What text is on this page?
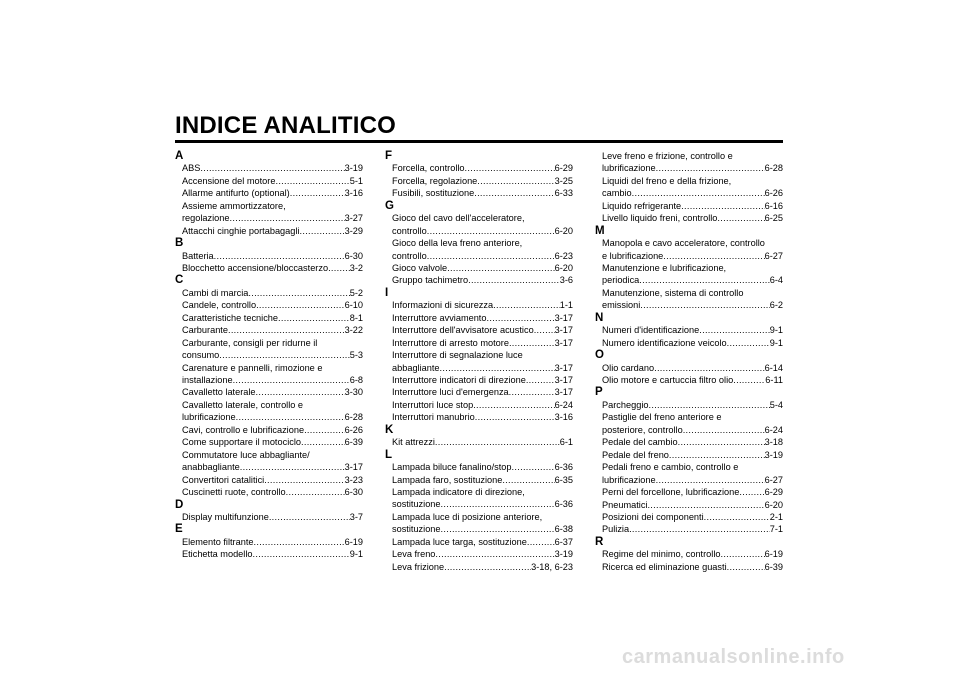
INDICE ANALITICO
A
ABS .....	3-19
Accensione del motore .....	5-1
Allarme antifurto (optional) .....	3-16
Assieme ammortizzatore,
regolazione .....	3-27
Attacchi cinghie portabagagli .....	3-29
B
Batteria .....	6-30
Blocchetto accensione/bloccasterzo ..... 3-2
C
Cambi di marcia .....	5-2
Candele, controllo .....	6-10
Caratteristiche tecniche .....	8-1
Carburante .....	3-22
Carburante, consigli per ridurne il
consumo .....	5-3
Carenature e pannelli, rimozione e
installazione .....	6-8
Cavalletto laterale .....	3-30
Cavalletto laterale, controllo e
lubrificazione .....	6-28
Cavi, controllo e lubrificazione .....	6-26
Come supportare il motociclo .....	6-39
Commutatore luce abbagliante/
anabbagliante .....	3-17
Convertitori catalitici .....	3-23
Cuscinetti ruote, controllo .....	6-30
D
Display multifunzione .....	3-7
E
Elemento filtrante .....	6-19
Etichetta modello .....	9-1
F
Forcella, controllo .....	6-29
Forcella, regolazione .....	3-25
Fusibili, sostituzione .....	6-33
G
Gioco del cavo dell'acceleratore,
controllo .....	6-20
Gioco della leva freno anteriore,
controllo .....	6-23
Gioco valvole .....	6-20
Gruppo tachimetro .....	3-6
I
Informazioni di sicurezza .....	1-1
Interruttore avviamento .....	3-17
Interruttore dell'avvisatore acustico ..... 3-17
Interruttore di arresto motore .....	3-17
Interruttore di segnalazione luce
abbagliante .....	3-17
Interruttore indicatori di direzione .....	3-17
Interruttore luci d'emergenza .....	3-17
Interruttori luce stop .....	6-24
Interruttori manubrio .....	3-16
K
Kit attrezzi .....	6-1
L
Lampada biluce fanalino/stop .....	6-36
Lampada faro, sostituzione .....	6-35
Lampada indicatore di direzione,
sostituzione .....	6-36
Lampada luce di posizione anteriore,
sostituzione .....	6-38
Lampada luce targa, sostituzione .....	6-37
Leva freno .....	3-19
Leva frizione .....	3-18, 6-23
Leve freno e frizione, controllo e
lubrificazione .....	6-28
Liquidi del freno e della frizione,
cambio .....	6-26
Liquido refrigerante .....	6-16
Livello liquido freni, controllo .....	6-25
M
Manopola e cavo acceleratore, controllo
e lubrificazione .....	6-27
Manutenzione e lubrificazione,
periodica .....	6-4
Manutenzione, sistema di controllo
emissioni .....	6-2
N
Numeri d'identificazione .....	9-1
Numero identificazione veicolo .....	9-1
O
Olio cardano .....	6-14
Olio motore e cartuccia filtro olio .....	6-11
P
Parcheggio .....	5-4
Pastiglie del freno anteriore e
posteriore, controllo .....	6-24
Pedale del cambio .....	3-18
Pedale del freno .....	3-19
Pedali freno e cambio, controllo e
lubrificazione .....	6-27
Perni del forcellone, lubrificazione .....	6-29
Pneumatici .....	6-20
Posizioni dei componenti .....	2-1
Pulizia .....	7-1
R
Regime del minimo, controllo .....	6-19
Ricerca ed eliminazione guasti .....	6-39
carmanualsonline.info
